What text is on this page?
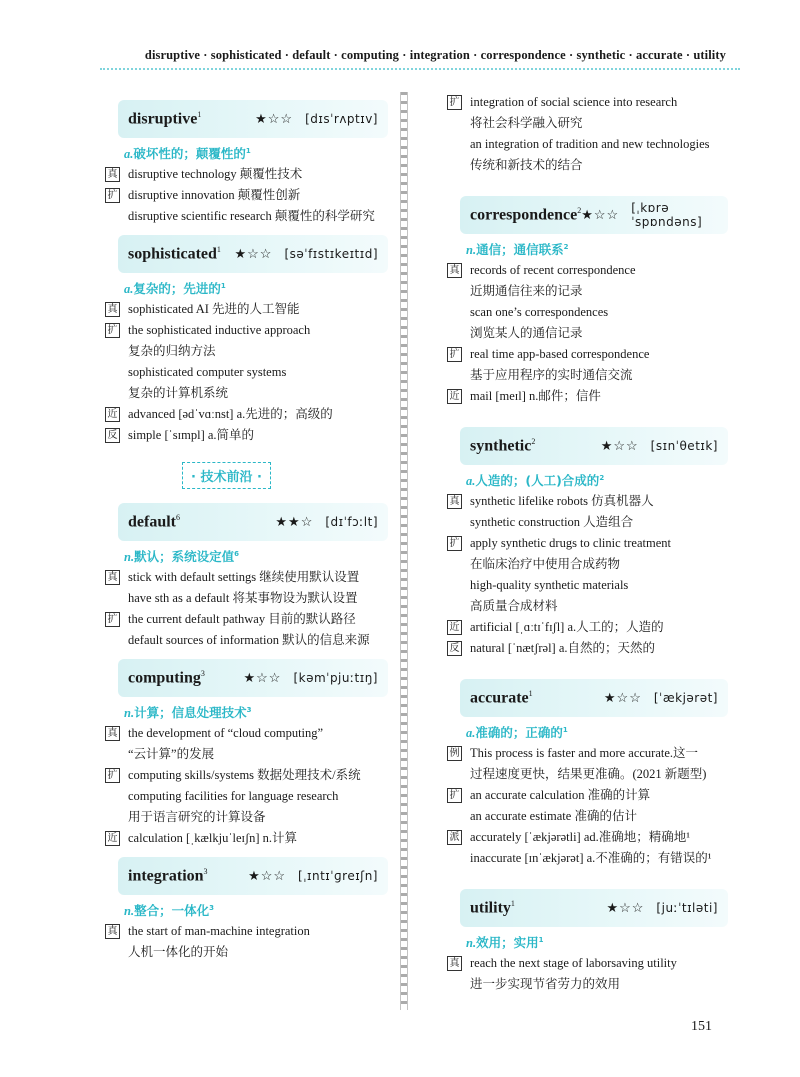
disruptive · sophisticated · default · computing · integration · correspondence · synthetic · accurate · utility
disruptive$^1$	★☆☆ [dɪsˈrʌptɪv]
a.破坏性的；颠覆性的$^1$
真 disruptive technology 颠覆性技术
扩 disruptive innovation 颠覆性创新
disruptive scientific research 颠覆性的科学研究
sophisticated$^1$ ★☆☆ [səˈfɪstɪkeɪtɪd]
a.复杂的；先进的$^1$
真 sophisticated AI 先进的人工智能
扩 the sophisticated inductive approach
复杂的归纳方法
sophisticated computer systems
复杂的计算机系统
近 advanced [ədˈvɑːnst] a.先进的；高级的
反 simple [ˈsɪmpl] a.简单的
· 技术前沿 ·
default$^6$	★★☆ [dɪˈfɔːlt]
n.默认；系统设定值$^6$
真 stick with default settings 继续使用默认设置
have sth as a default 将某事物设为默认设置
扩 the current default pathway 目前的默认路径
default sources of information 默认的信息来源
computing$^3$	★☆☆ [kəmˈpjuːtɪŋ]
n.计算；信息处理技术$^3$
真 the development of “cloud computing”
“云计算”的发展
扩 computing skills/systems 数据处理技术/系统
computing facilities for language research
用于语言研究的计算设备
近 calculation [ˌkælkjuˈleɪʃn] n.计算
integration$^3$	★☆☆ [ˌɪntɪˈɡreɪʃn]
n.整合；一体化$^3$
真 the start of man-machine integration
人机一体化的开始
扩 integration of social science into research
将社会科学融入研究
an integration of tradition and new technologies
传统和新技术的结合
correspondence$^2$ ★☆☆ [ˌkɒrəˈspɒndəns]
n.通信；通信联系$^2$
真 records of recent correspondence
近期通信往来的记录
scan one’s correspondences
浏览某人的通信记录
扩 real time app-based correspondence
基于应用程序的实时通信交流
近 mail [meɪl] n.邮件；信件
synthetic$^2$	★☆☆ [sɪnˈθetɪk]
a.人造的；(人工)合成的$^2$
真 synthetic lifelike robots 仿真机器人
synthetic construction 人造组合
扩 apply synthetic drugs to clinic treatment
在临床治疗中使用合成药物
high-quality synthetic materials
高质量合成材料
近 artificial [ˌɑːtɪˈfɪʃl] a.人工的；人造的
反 natural [ˈnætʃrəl] a.自然的；天然的
accurate$^1$	★☆☆ [ˈækjərət]
a.准确的；正确的$^1$
例 This process is faster and more accurate.这一
过程速度更快，结果更准确。(2021 新题型)
扩 an accurate calculation 准确的计算
an accurate estimate 准确的估计
派 accurately [ˈækjərətli] ad.准确地；精确地¹
inaccurate [ɪnˈækjərət] a.不准确的；有错误的¹
utility$^1$	★☆☆ [juːˈtɪləti]
n.效用；实用$^1$
真 reach the next stage of laborsaving utility
进一步实现节省劳力的效用
151
